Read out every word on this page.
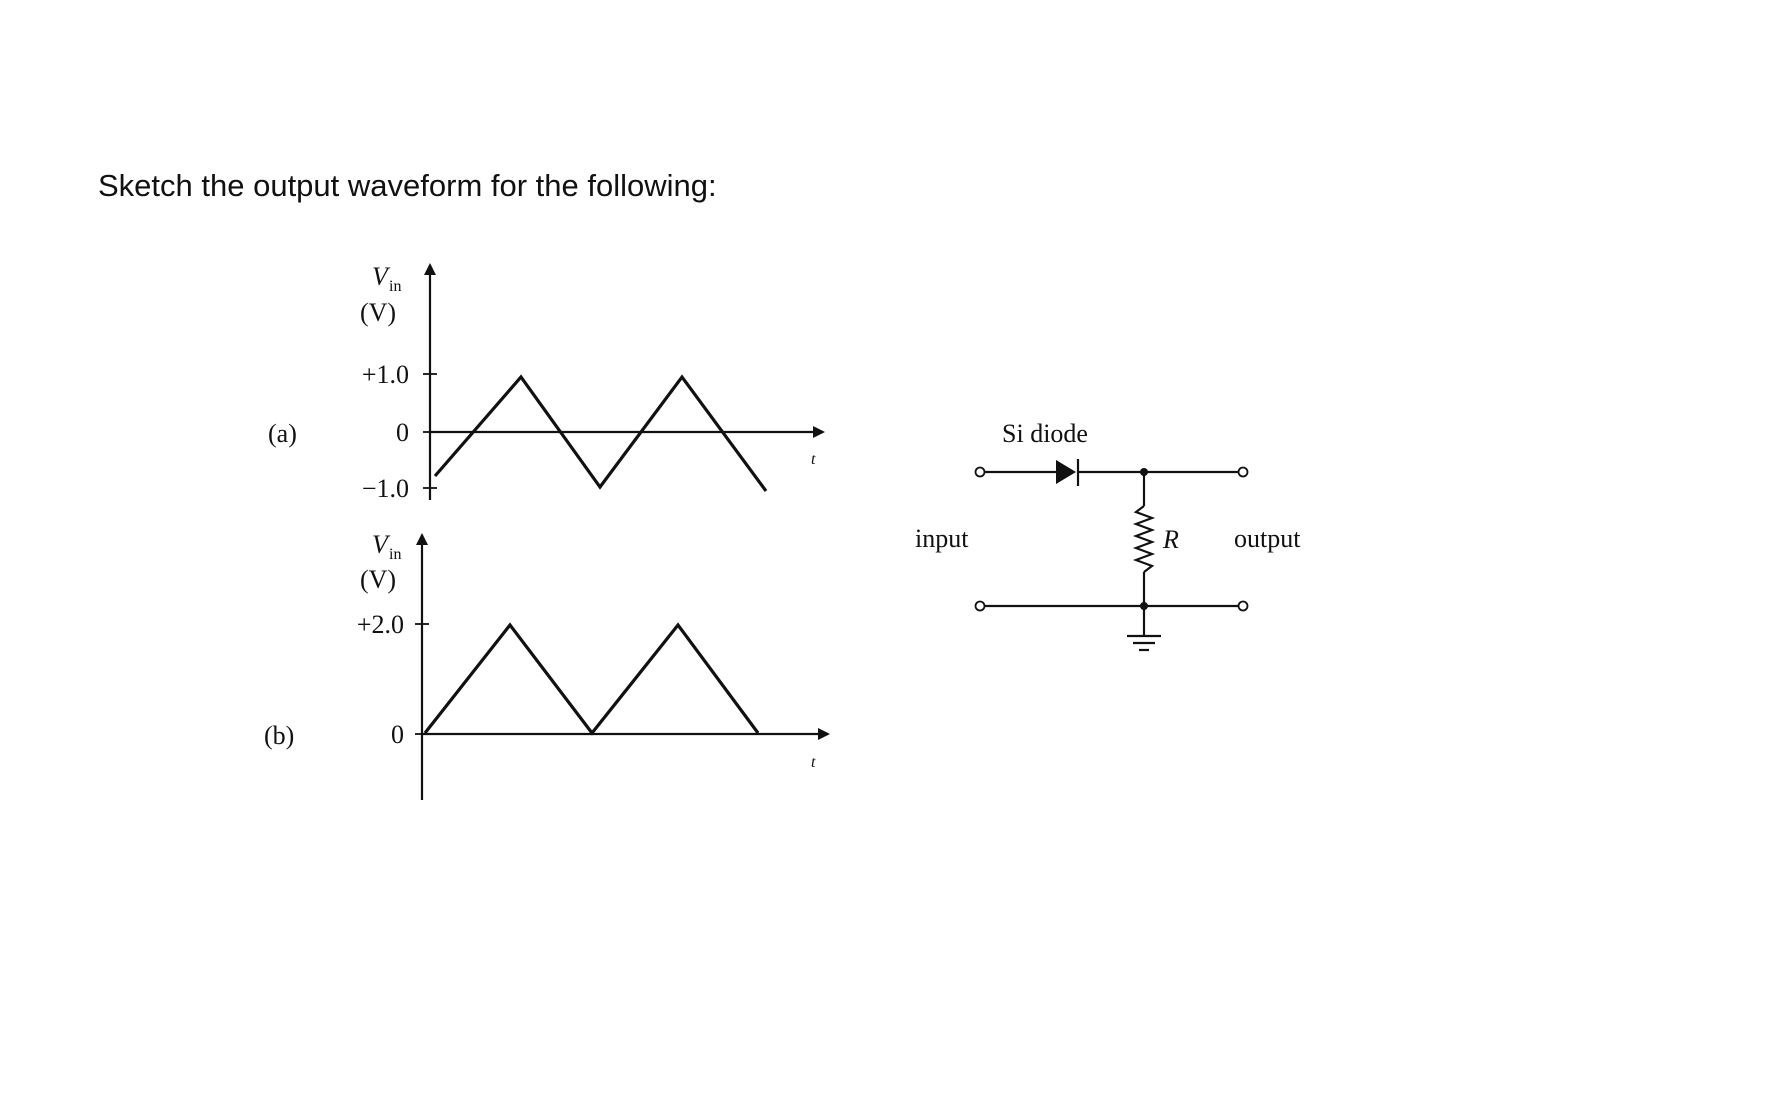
Sketch the output waveform for the following:
(a)
V in
(V)
t
+1.0
0
−1.0
(b)
V in
(V)
t
+2.0
0
Si diode
input	output
R
